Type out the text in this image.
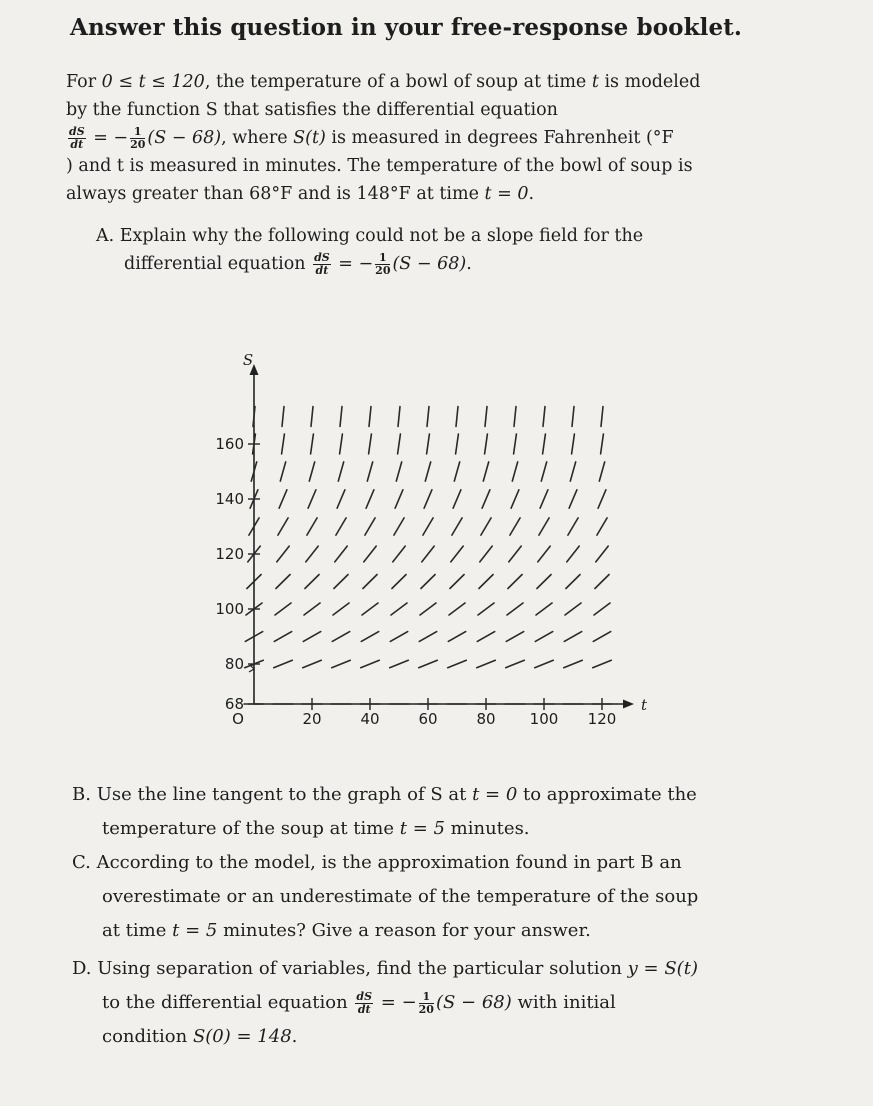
Answer this question in your free-response booklet.
For 0 ≤ t ≤ 120, the temperature of a bowl of soup at time t is modeled
by the function S that satisfies the differential equation
$\frac{dS}{dt}$ = − $\frac{1}{20} (S - 68)$, where S(t) is measured in degrees Fahrenheit (°F
) and t is measured in minutes. The temperature of the bowl of soup is
always greater than 68°F and is 148°F at time t = 0.
A. Explain why the following could not be a slope field for the
differential equation $\frac{dS}{dt}$ = − $\frac{1}{20} (S - 68)$.
S
t
O	20	40	60	80 100 120
68
80
100
120
140
160
B. Use the line tangent to the graph of S at t = 0 to approximate the
temperature of the soup at time t = 5 minutes.
C. According to the model, is the approximation found in part B an
overestimate or an underestimate of the temperature of the soup
at time t = 5 minutes? Give a reason for your answer.
D. Using separation of variables, find the particular solution y = S(t)
to the differential equation $\frac{dS}{dt}$ = − $\frac{1}{20} (S - 68)$ with initial
condition S(0) = 148.
